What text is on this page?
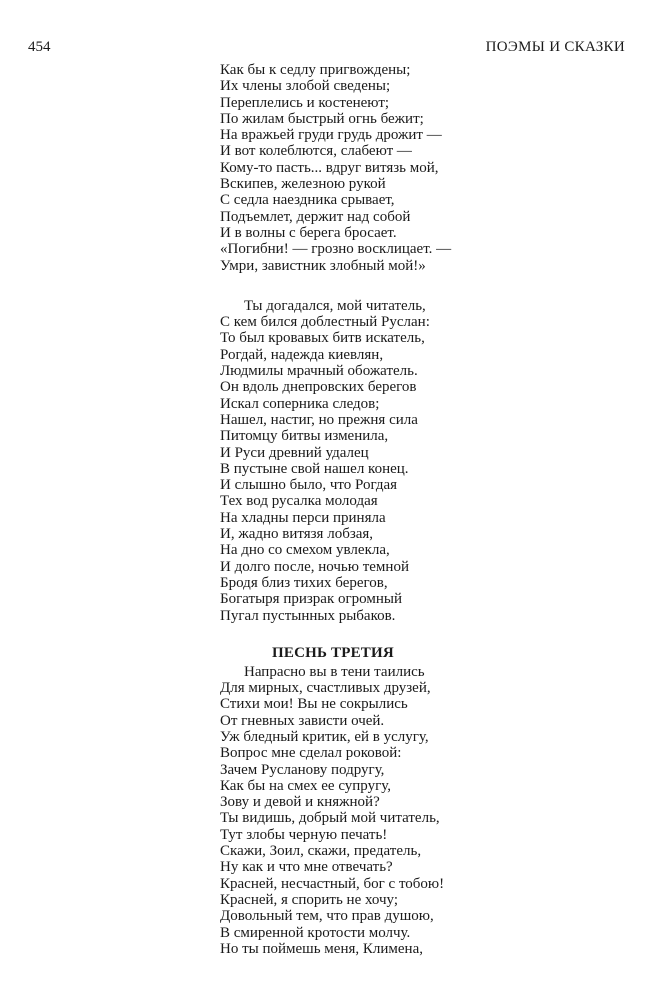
454	ПОЭМЫ И СКАЗКИ
Как бы к седлу пригвождены;
Их члены злобой сведены;
Переплелись и костенеют;
По жилам быстрый огнь бежит;
На вражьей груди грудь дрожит —
И вот колеблются, слабеют —
Кому-то пасть... вдруг витязь мой,
Вскипев, железною рукой
С седла наездника срывает,
Подъемлет, держит над собой
И в волны с берега бросает.
«Погибни! — грозно восклицает. —
Умри, завистник злобный мой!»
Ты догадался, мой читатель,
С кем бился доблестный Руслан:
То был кровавых битв искатель,
Рогдай, надежда киевлян,
Людмилы мрачный обожатель.
Он вдоль днепровских берегов
Искал соперника следов;
Нашел, настиг, но прежня сила
Питомцу битвы изменила,
И Руси древний удалец
В пустыне свой нашел конец.
И слышно было, что Рогдая
Тех вод русалка молодая
На хладны перси приняла
И, жадно витязя лобзая,
На дно со смехом увлекла,
И долго после, ночью темной
Бродя близ тихих берегов,
Богатыря призрак огромный
Пугал пустынных рыбаков.
ПЕСНЬ ТРЕТИЯ
Напрасно вы в тени таились
Для мирных, счастливых друзей,
Стихи мои! Вы не сокрылись
От гневных зависти очей.
Уж бледный критик, ей в услугу,
Вопрос мне сделал роковой:
Зачем Русланову подругу,
Как бы на смех ее супругу,
Зову и девой и княжной?
Ты видишь, добрый мой читатель,
Тут злобы черную печать!
Скажи, Зоил, скажи, предатель,
Ну как и что мне отвечать?
Красней, несчастный, бог с тобою!
Красней, я спорить не хочу;
Довольный тем, что прав душою,
В смиренной кротости молчу.
Но ты поймешь меня, Климена,
